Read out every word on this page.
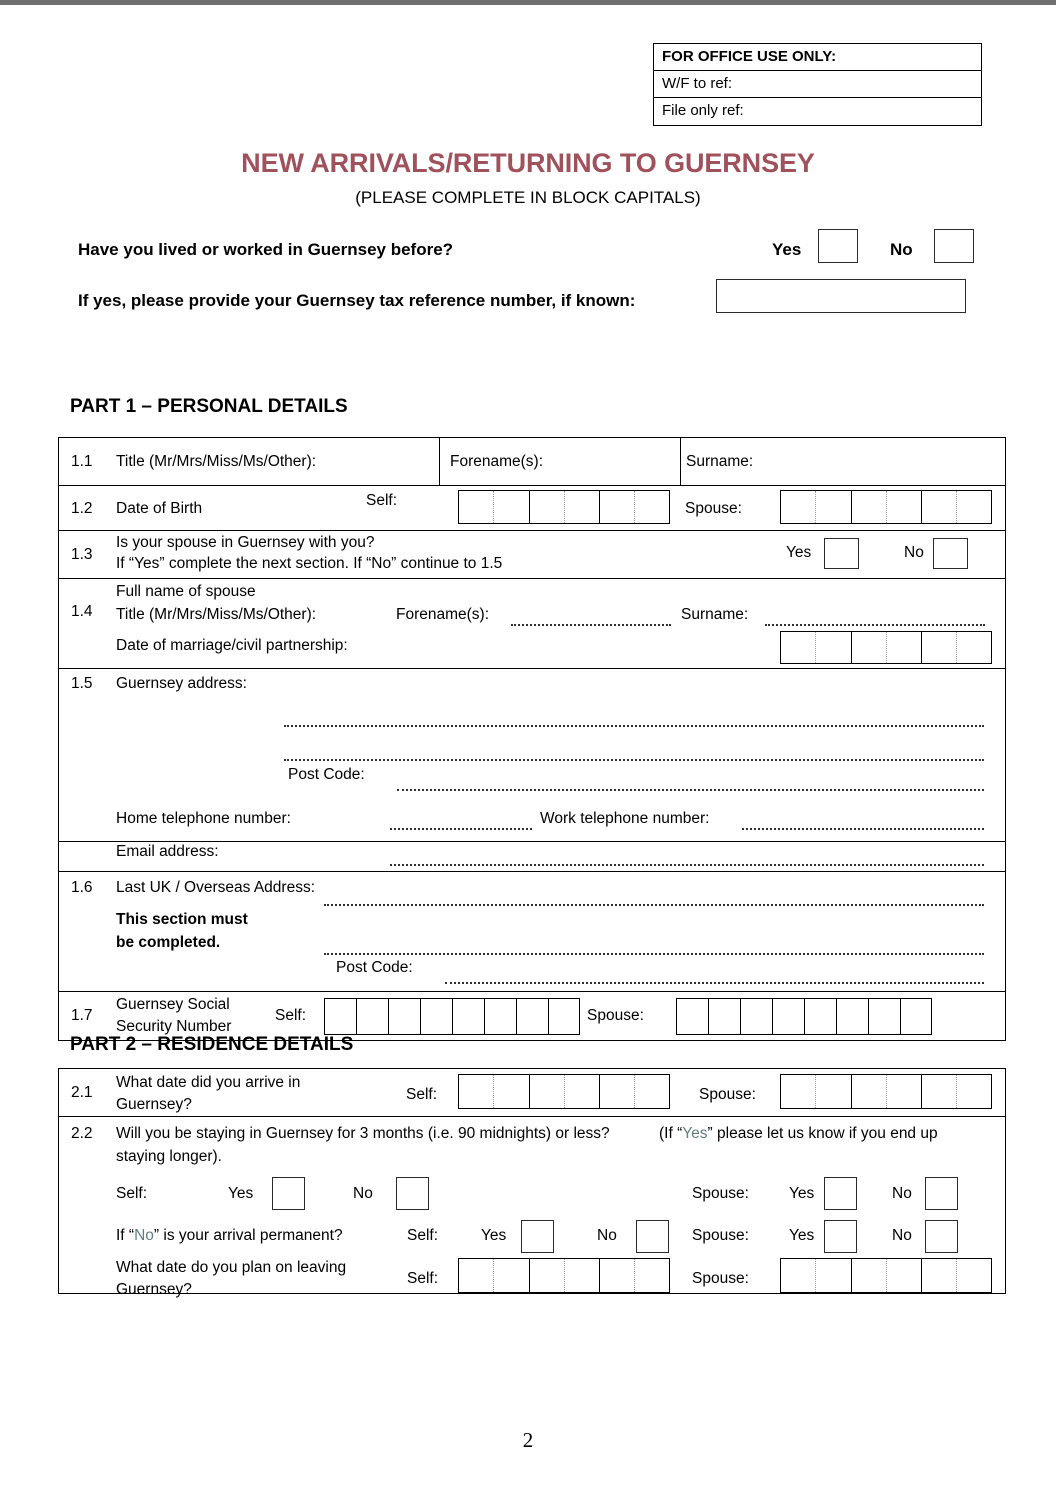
FOR OFFICE USE ONLY:
W/F to ref:
File only ref:
NEW ARRIVALS/RETURNING TO GUERNSEY
(PLEASE COMPLETE IN BLOCK CAPITALS)
Have you lived or worked in Guernsey before?	Yes	No
If yes, please provide your Guernsey tax reference number, if known:
PART 1 – PERSONAL DETAILS
1.1 Title (Mr/Mrs/Miss/Ms/Other):	Forename(s):	Surname:
1.2 Date of Birth	Self:	Spouse:
1.3
Is your spouse in Guernsey with you?
If “Yes” complete the next section. If “No” continue to 1.5
Yes	No
1.4
Full name of spouse
Title (Mr/Mrs/Miss/Ms/Other):	Forename(s):	Surname:
Date of marriage/civil partnership:
1.5 Guernsey address:
Post Code:
Home telephone number:	Work telephone number:
Email address:
1.6 Last UK / Overseas Address:
This section must
be completed.
Post Code:
1.7
Guernsey Social
Security Number
Self:	Spouse:
PART 2 – RESIDENCE DETAILS
2.1
What date did you arrive in
Guernsey?
Self:	Spouse:
2.2 Will you be staying in Guernsey for 3 months (i.e. 90 midnights) or less?	(If “Yes” please let us know if you end up
staying longer).
Self:	Yes	No	Spouse:	Yes	No
If “No” is your arrival permanent?	Self:	Yes	No	Spouse:	Yes	No
What date do you plan on leaving
Guernsey?
Self:	Spouse:
2
